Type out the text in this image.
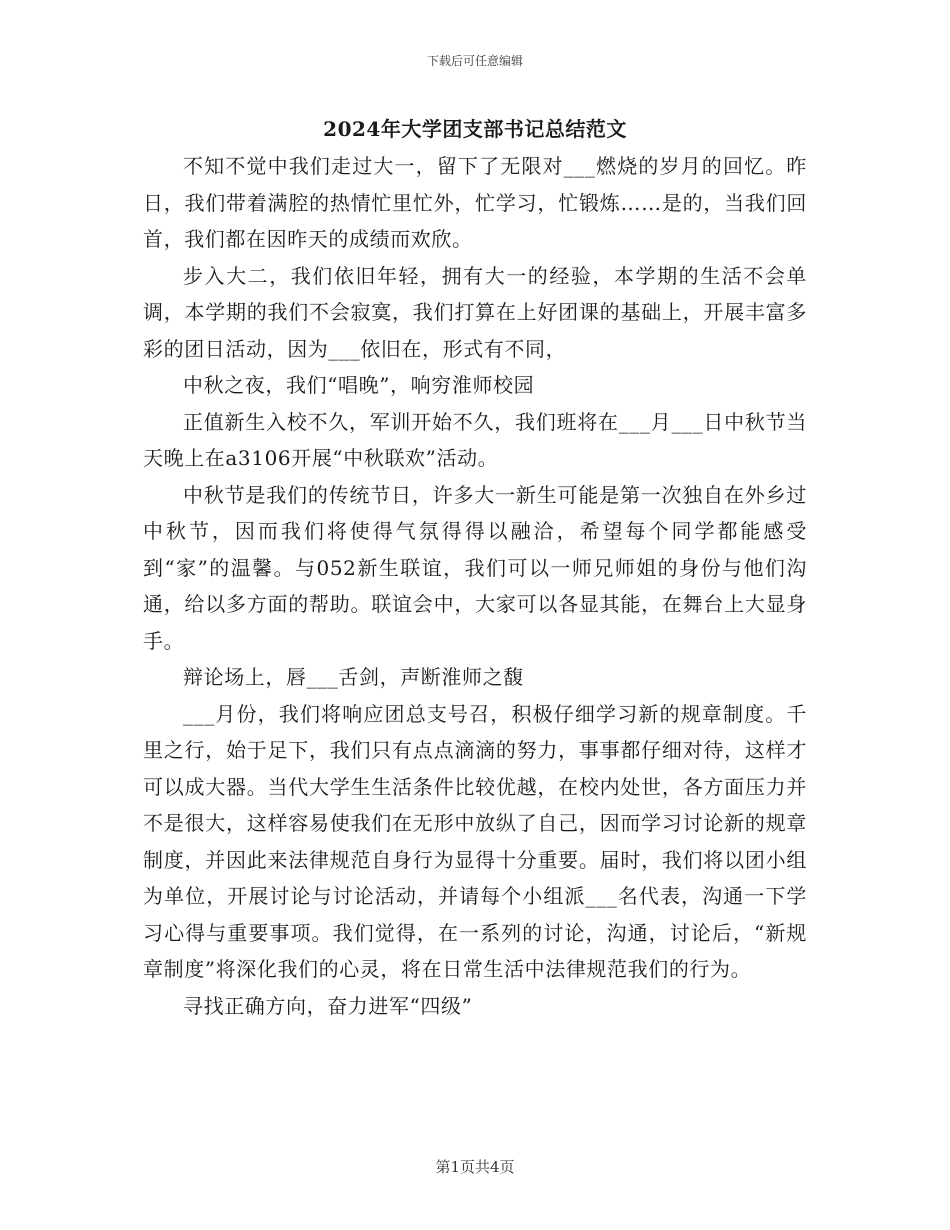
下载后可任意编辑
2024年大学团支部书记总结范文

不知不觉中我们走过大一，留下了无限对___燃烧的岁月的回忆。昨日，我们带着满腔的热情忙里忙外，忙学习，忙锻炼……是的，当我们回首，我们都在因昨天的成绩而欢欣。

步入大二，我们依旧年轻，拥有大一的经验，本学期的生活不会单调，本学期的我们不会寂寞，我们打算在上好团课的基础上，开展丰富多彩的团日活动，因为___依旧在，形式有不同，

中秋之夜，我们“唱晚”，响穷淮师校园

正值新生入校不久，军训开始不久，我们班将在___月___日中秋节当天晚上在a3106开展“中秋联欢”活动。

中秋节是我们的传统节日，许多大一新生可能是第一次独自在外乡过中秋节，因而我们将使得气氛得得以融洽，希望每个同学都能感受到“家”的温馨。与052新生联谊，我们可以一师兄师姐的身份与他们沟通，给以多方面的帮助。联谊会中，大家可以各显其能，在舞台上大显身手。

辩论场上，唇___舌剑，声断淮师之馥

___月份，我们将响应团总支号召，积极仔细学习新的规章制度。千里之行，始于足下，我们只有点点滴滴的努力，事事都仔细对待，这样才可以成大器。当代大学生生活条件比较优越，在校内处世，各方面压力并不是很大，这样容易使我们在无形中放纵了自己，因而学习讨论新的规章制度，并因此来法律规范自身行为显得十分重要。届时，我们将以团小组为单位，开展讨论与讨论活动，并请每个小组派___名代表，沟通一下学习心得与重要事项。我们觉得，在一系列的讨论，沟通，讨论后，“新规章制度”将深化我们的心灵，将在日常生活中法律规范我们的行为。

寻找正确方向，奋力进军“四级”

第1页共4页
